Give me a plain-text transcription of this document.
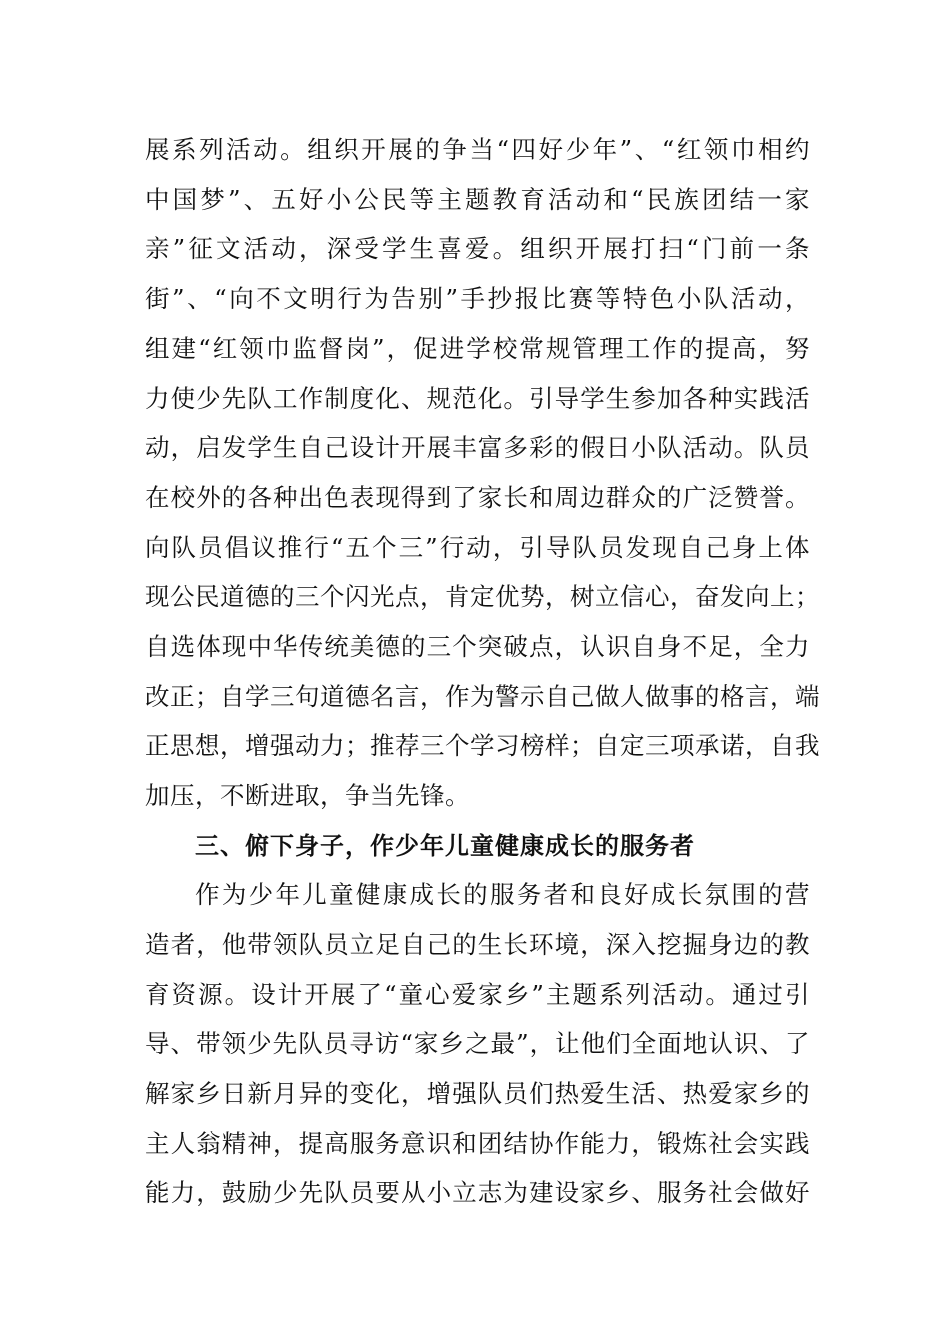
展系列活动。组织开展的争当“四好少年”、“红领巾相约
中国梦”、五好小公民等主题教育活动和“民族团结一家
亲”征文活动，深受学生喜爱。组织开展打扫“门前一条
街”、“向不文明行为告别”手抄报比赛等特色小队活动，
组建“红领巾监督岗”，促进学校常规管理工作的提高，努
力使少先队工作制度化、规范化。引导学生参加各种实践活
动，启发学生自己设计开展丰富多彩的假日小队活动。队员
在校外的各种出色表现得到了家长和周边群众的广泛赞誉。
向队员倡议推行“五个三”行动，引导队员发现自己身上体
现公民道德的三个闪光点，肯定优势，树立信心，奋发向上；
自选体现中华传统美德的三个突破点，认识自身不足，全力
改正；自学三句道德名言，作为警示自己做人做事的格言，端
正思想，增强动力；推荐三个学习榜样；自定三项承诺，自我
加压，不断进取，争当先锋。
三、俯下身子，作少年儿童健康成长的服务者
作为少年儿童健康成长的服务者和良好成长氛围的营
造者，他带领队员立足自己的生长环境，深入挖掘身边的教
育资源。设计开展了“童心爱家乡”主题系列活动。通过引
导、带领少先队员寻访“家乡之最”，让他们全面地认识、了
解家乡日新月异的变化，增强队员们热爱生活、热爱家乡的
主人翁精神，提高服务意识和团结协作能力，锻炼社会实践
能力，鼓励少先队员要从小立志为建设家乡、服务社会做好
